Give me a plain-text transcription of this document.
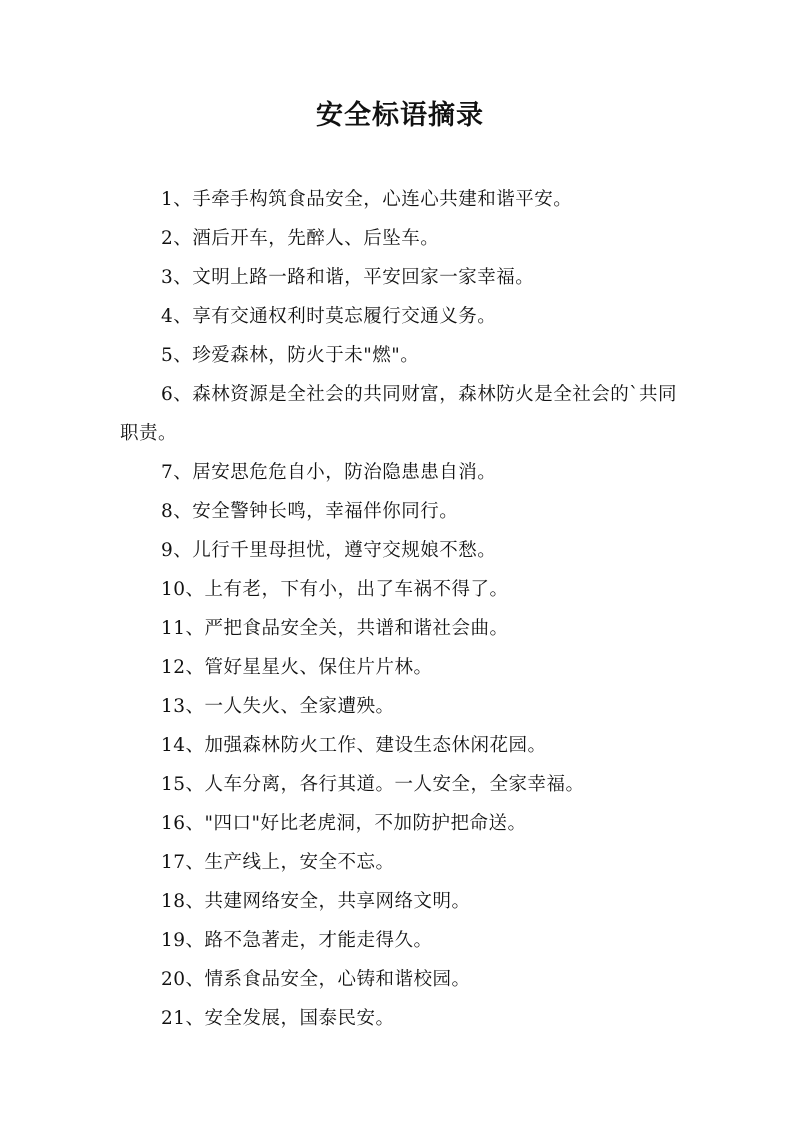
安全标语摘录

1、手牵手构筑食品安全，心连心共建和谐平安。

2、酒后开车，先醉人、后坠车。

3、文明上路一路和谐，平安回家一家幸福。

4、享有交通权利时莫忘履行交通义务。

5、珍爱森林，防火于未"燃"。

6、森林资源是全社会的共同财富，森林防火是全社会的`共同职责。

7、居安思危危自小，防治隐患患自消。

8、安全警钟长鸣，幸福伴你同行。

9、儿行千里母担忧，遵守交规娘不愁。

10、上有老，下有小，出了车祸不得了。

11、严把食品安全关，共谱和谐社会曲。

12、管好星星火、保住片片林。

13、一人失火、全家遭殃。

14、加强森林防火工作、建设生态休闲花园。

15、人车分离，各行其道。一人安全，全家幸福。

16、"四口"好比老虎洞，不加防护把命送。

17、生产线上，安全不忘。

18、共建网络安全，共享网络文明。

19、路不急著走，才能走得久。

20、情系食品安全，心铸和谐校园。

21、安全发展，国泰民安。
